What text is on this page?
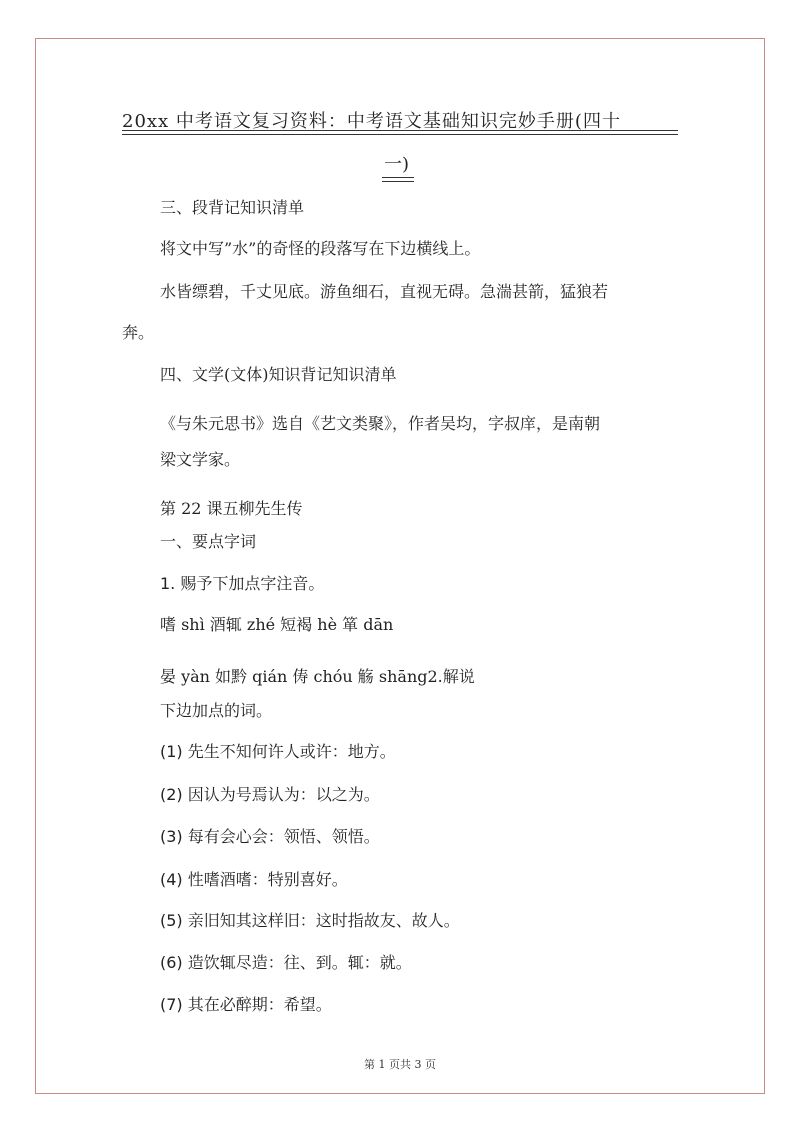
20xx 中考语文复习资料：中考语文基础知识完妙手册(四十
一)
三、段背记知识清单
将文中写”水”的奇怪的段落写在下边横线上。
水皆缥碧，千丈见底。游鱼细石，直视无碍。急湍甚箭，猛狼若
奔。
四、文学(文体)知识背记知识清单
《与朱元思书》选自《艺文类聚》，作者吴均，字叔庠，是南朝
梁文学家。
第 22 课五柳先生传
一、要点字词
1. 赐予下加点字注音。
嗜 shì 酒辄 zhé 短褐 hè 箪 dān
晏 yàn 如黔 qián 俦 chóu 觞 shāng2.解说
下边加点的词。
(1) 先生不知何许人或许：地方。
(2) 因认为号焉认为：以之为。
(3) 每有会心会：领悟、领悟。
(4) 性嗜酒嗜：特别喜好。
(5) 亲旧知其这样旧：这时指故友、故人。
(6) 造饮辄尽造：往、到。辄：就。
(7) 其在必醉期：希望。
第 1 页共 3 页
